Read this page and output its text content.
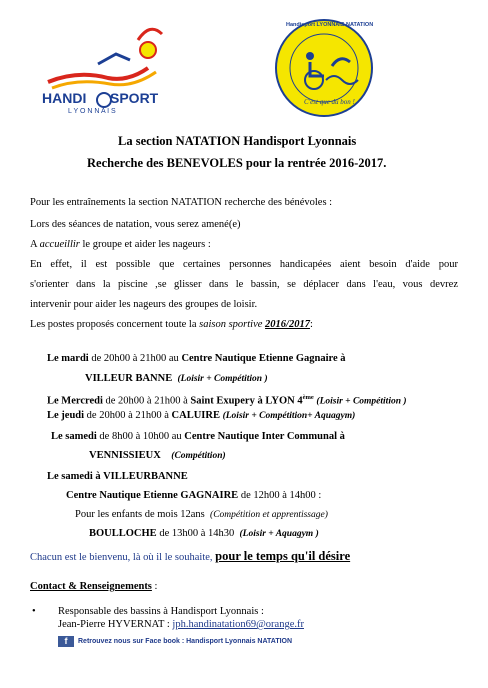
HANDI SPORT
L Y O N N A I S
Handisport LYONNAIS NATATION
C'est que du bon !
La section NATATION Handisport Lyonnais
Recherche des BENEVOLES pour la rentrée 2016-2017.
Pour les entraînements la section NATATION recherche des bénévoles :
Lors des séances de natation, vous serez amené(e)
A accueillir le groupe et aider les nageurs :
En effet, il est possible que certaines personnes handicapées aient besoin d'aide pour
s'orienter dans la piscine ,se glisser dans le bassin, se déplacer dans l'eau, vous devrez
intervenir pour aider les nageurs des groupes de loisir.
Les postes proposés concernent toute la saison sportive 2016/2017:
Le mardi de 20h00 à 21h00 au Centre Nautique Etienne Gagnaire à
VILLEUR BANNE (Loisir + Compétition )
Le Mercredi de 20h00 à 21h00 à Saint Exupery à LYON 4ème (Loisir + Compétition )
Le jeudi de 20h00 à 21h00 à CALUIRE (Loisir + Compétition+ Aquagym)
Le samedi de 8h00 à 10h00 au Centre Nautique Inter Communal à
VENNISSIEUX (Compétition)
Le samedi à VILLEURBANNE
Centre Nautique Etienne GAGNAIRE de 12h00 à 14h00 :
Pour les enfants de mois 12ans (Compétition et apprentissage)
BOULLOCHE de 13h00 à 14h30 (Loisir + Aquagym )
Chacun est le bienvenu, là où il le souhaite, pour le temps qu'il désire
Contact & Renseignements :
• Responsable des bassins à Handisport Lyonnais :
Jean-Pierre HYVERNAT : jph.handinatation69@orange.fr
f Retrouvez nous sur Face book : Handisport Lyonnais NATATION
